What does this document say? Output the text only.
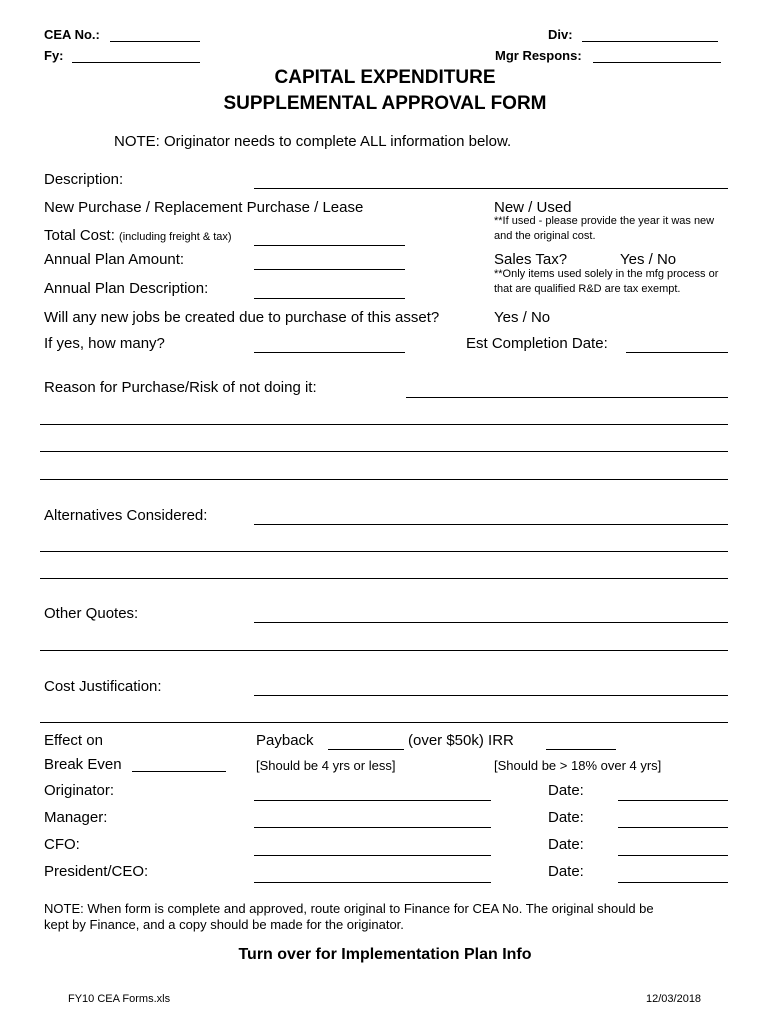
CEA No.:
Fy:
Div:
Mgr Respons:
CAPITAL EXPENDITURE
SUPPLEMENTAL APPROVAL FORM
NOTE: Originator needs to complete ALL information below.
Description:
New Purchase / Replacement Purchase / Lease	New / Used
**If used - please provide the year it was new
and the original cost.
Total Cost: (including freight & tax)
Annual Plan Amount:	Sales Tax?	Yes / No
**Only items used solely in the mfg process or
that are qualified R&D are tax exempt.
Annual Plan Description:
Will any new jobs be created due to purchase of this asset?	Yes / No
If yes, how many?	Est Completion Date:
Reason for Purchase/Risk of not doing it:
Alternatives Considered:
Other Quotes:
Cost Justification:
Effect on	Payback	(over $50k) IRR
Break Even	[Should be 4 yrs or less]	[Should be > 18% over 4 yrs]
Originator:	Date:
Manager:	Date:
CFO:	Date:
President/CEO:	Date:
NOTE: When form is complete and approved, route original to Finance for CEA No. The original should be
kept by Finance, and a copy should be made for the originator.
Turn over for Implementation Plan Info
FY10 CEA Forms.xls	12/03/2018
